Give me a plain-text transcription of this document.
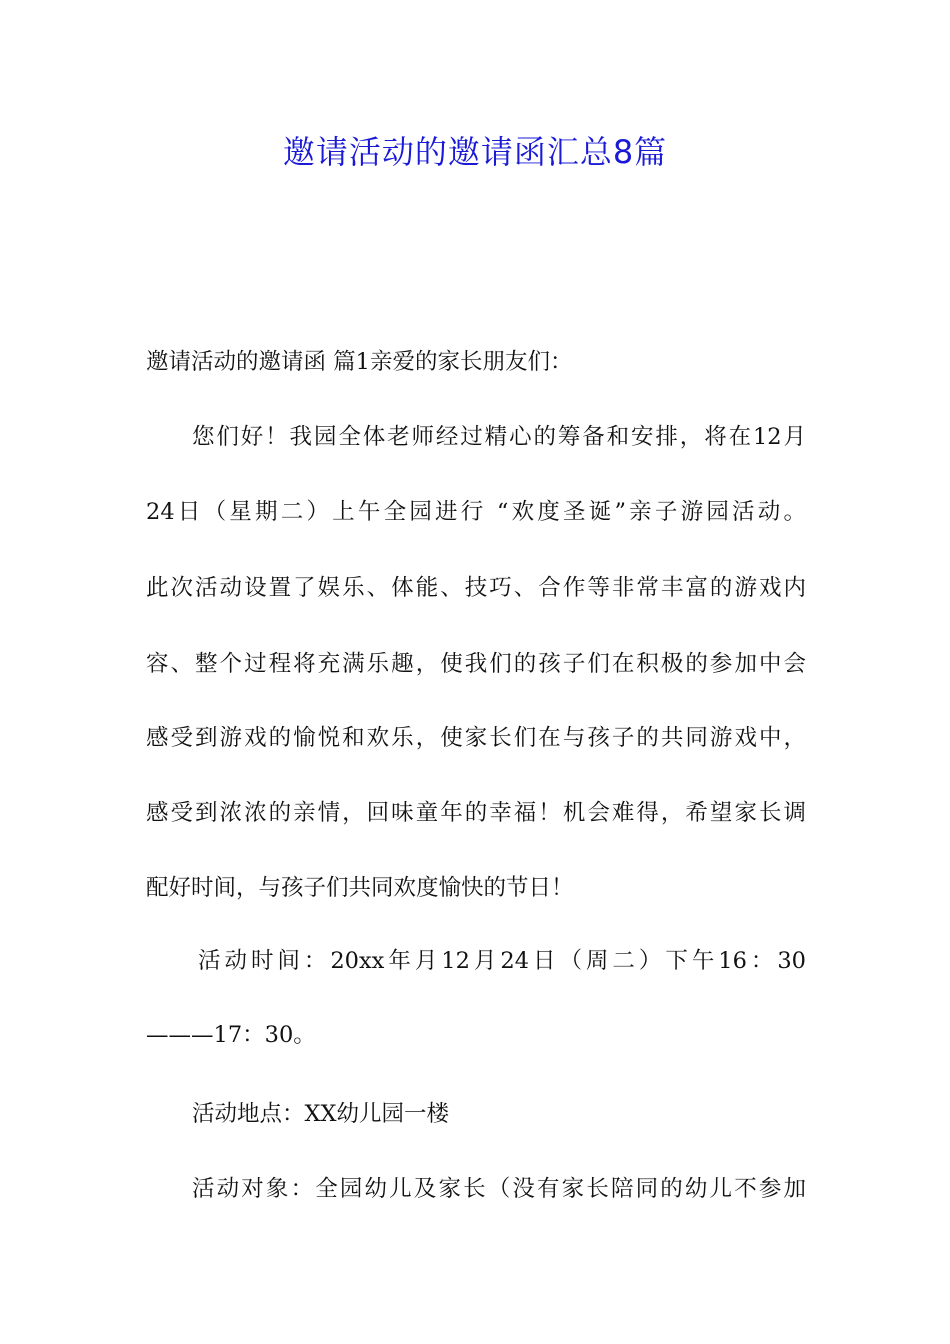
邀请活动的邀请函汇总8篇

邀请活动的邀请函 篇1亲爱的家长朋友们：

您们好！我园全体老师经过精心的筹备和安排，将在12月

24日（星期二）上午全园进行 “欢度圣诞”亲子游园活动。

此次活动设置了娱乐、体能、技巧、合作等非常丰富的游戏内

容、整个过程将充满乐趣，使我们的孩子们在积极的参加中会

感受到游戏的愉悦和欢乐，使家长们在与孩子的共同游戏中，

感受到浓浓的亲情，回味童年的幸福！机会难得，希望家长调

配好时间，与孩子们共同欢度愉快的节日！

活动时间：20xx年月12月24日（周二）下午16：30

———17：30。

活动地点：XX幼儿园一楼

活动对象：全园幼儿及家长（没有家长陪同的幼儿不参加
